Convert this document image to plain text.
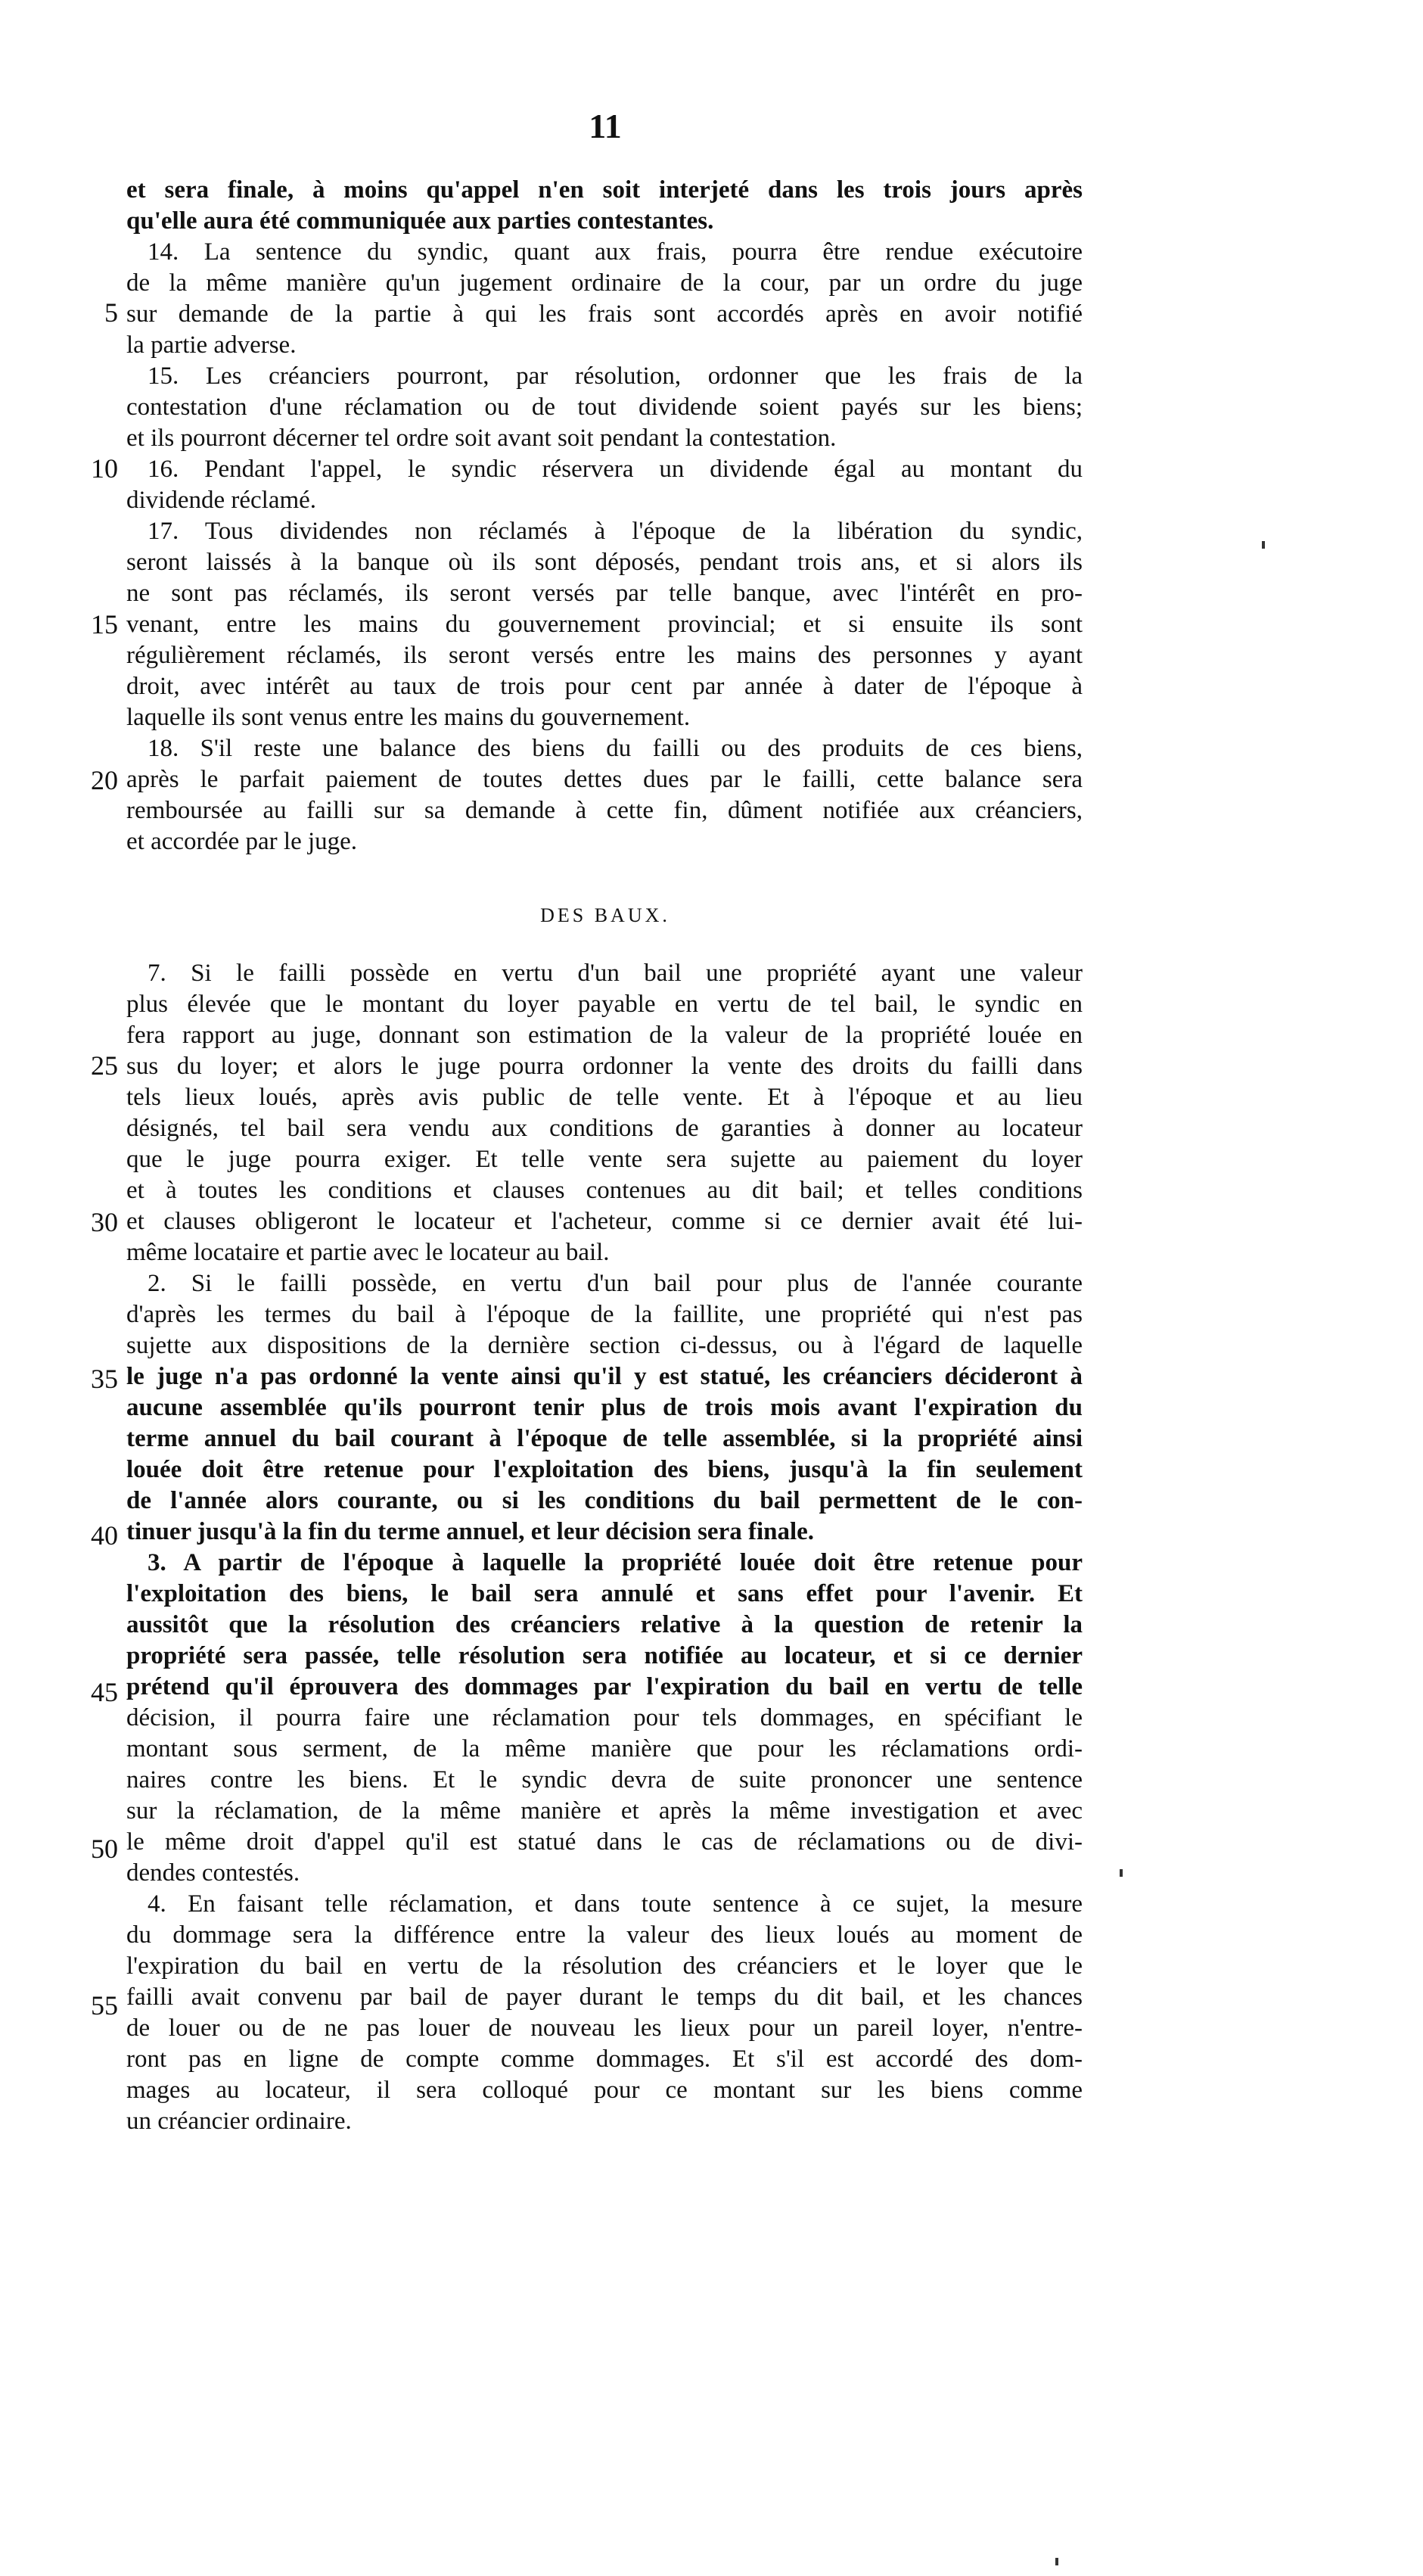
11
5
10
15
20
25
30
35
40
45
50
55
et sera finale, à moins qu'appel n'en soit interjeté dans les trois jours après
qu'elle aura été communiquée aux parties contestantes.
14. La sentence du syndic, quant aux frais, pourra être rendue exécutoire
de la même manière qu'un jugement ordinaire de la cour, par un ordre du juge
sur demande de la partie à qui les frais sont accordés après en avoir notifié
la partie adverse.
15. Les créanciers pourront, par résolution, ordonner que les frais de la
contestation d'une réclamation ou de tout dividende soient payés sur les biens;
et ils pourront décerner tel ordre soit avant soit pendant la contestation.
16. Pendant l'appel, le syndic réservera un dividende égal au montant du
dividende réclamé.
17. Tous dividendes non réclamés à l'époque de la libération du syndic,
seront laissés à la banque où ils sont déposés, pendant trois ans, et si alors ils
ne sont pas réclamés, ils seront versés par telle banque, avec l'intérêt en pro-
venant, entre les mains du gouvernement provincial; et si ensuite ils sont
régulièrement réclamés, ils seront versés entre les mains des personnes y ayant
droit, avec intérêt au taux de trois pour cent par année à dater de l'époque à
laquelle ils sont venus entre les mains du gouvernement.
18. S'il reste une balance des biens du failli ou des produits de ces biens,
après le parfait paiement de toutes dettes dues par le failli, cette balance sera
remboursée au failli sur sa demande à cette fin, dûment notifiée aux créanciers,
et accordée par le juge.
DES BAUX.
7. Si le failli possède en vertu d'un bail une propriété ayant une valeur
plus élevée que le montant du loyer payable en vertu de tel bail, le syndic en
fera rapport au juge, donnant son estimation de la valeur de la propriété louée en
sus du loyer; et alors le juge pourra ordonner la vente des droits du failli dans
tels lieux loués, après avis public de telle vente. Et à l'époque et au lieu
désignés, tel bail sera vendu aux conditions de garanties à donner au locateur
que le juge pourra exiger. Et telle vente sera sujette au paiement du loyer
et à toutes les conditions et clauses contenues au dit bail; et telles conditions
et clauses obligeront le locateur et l'acheteur, comme si ce dernier avait été lui-
même locataire et partie avec le locateur au bail.
2. Si le failli possède, en vertu d'un bail pour plus de l'année courante
d'après les termes du bail à l'époque de la faillite, une propriété qui n'est pas
sujette aux dispositions de la dernière section ci-dessus, ou à l'égard de laquelle
le juge n'a pas ordonné la vente ainsi qu'il y est statué, les créanciers décideront à
aucune assemblée qu'ils pourront tenir plus de trois mois avant l'expiration du
terme annuel du bail courant à l'époque de telle assemblée, si la propriété ainsi
louée doit être retenue pour l'exploitation des biens, jusqu'à la fin seulement
de l'année alors courante, ou si les conditions du bail permettent de le con-
tinuer jusqu'à la fin du terme annuel, et leur décision sera finale.
3. A partir de l'époque à laquelle la propriété louée doit être retenue pour
l'exploitation des biens, le bail sera annulé et sans effet pour l'avenir. Et
aussitôt que la résolution des créanciers relative à la question de retenir la
propriété sera passée, telle résolution sera notifiée au locateur, et si ce dernier
prétend qu'il éprouvera des dommages par l'expiration du bail en vertu de telle
décision, il pourra faire une réclamation pour tels dommages, en spécifiant le
montant sous serment, de la même manière que pour les réclamations ordi-
naires contre les biens. Et le syndic devra de suite prononcer une sentence
sur la réclamation, de la même manière et après la même investigation et avec
le même droit d'appel qu'il est statué dans le cas de réclamations ou de divi-
dendes contestés.
4. En faisant telle réclamation, et dans toute sentence à ce sujet, la mesure
du dommage sera la différence entre la valeur des lieux loués au moment de
l'expiration du bail en vertu de la résolution des créanciers et le loyer que le
failli avait convenu par bail de payer durant le temps du dit bail, et les chances
de louer ou de ne pas louer de nouveau les lieux pour un pareil loyer, n'entre-
ront pas en ligne de compte comme dommages. Et s'il est accordé des dom-
mages au locateur, il sera colloqué pour ce montant sur les biens comme
un créancier ordinaire.
